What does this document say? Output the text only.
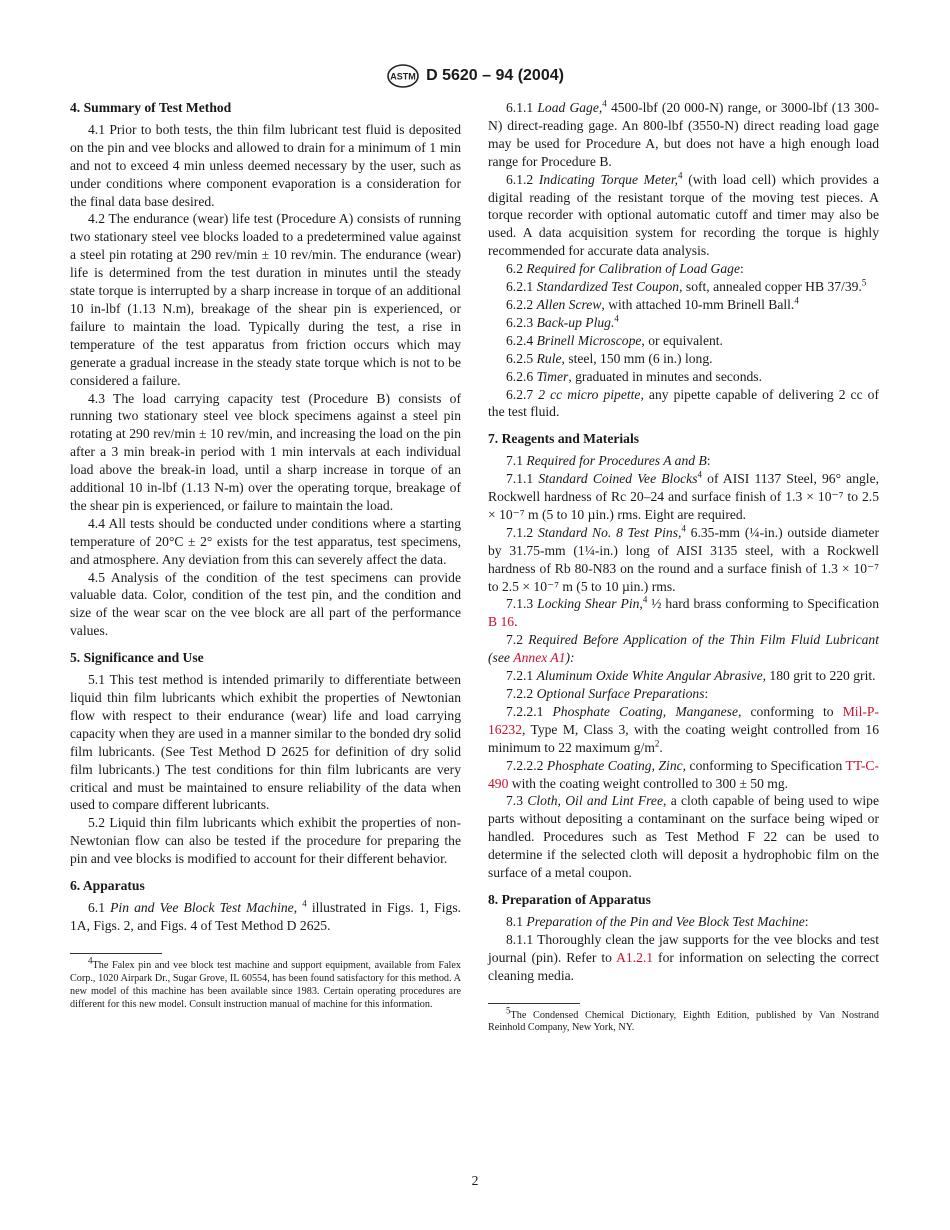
ASTM D 5620 – 94 (2004)
4. Summary of Test Method

4.1 Prior to both tests, the thin film lubricant test fluid is deposited on the pin and vee blocks and allowed to drain for a minimum of 1 min and not to exceed 4 min unless deemed necessary by the user, such as under conditions where component evaporation is a consideration for the final data base desired.

4.2 The endurance (wear) life test (Procedure A) consists of running two stationary steel vee blocks loaded to a predetermined value against a steel pin rotating at 290 rev/min ± 10 rev/min. The endurance (wear) life is determined from the test duration in minutes until the steady state torque is interrupted by a sharp increase in torque of an additional 10 in-lbf (1.13 N.m), breakage of the shear pin is experienced, or failure to maintain the load. Typically during the test, a rise in temperature of the test apparatus from friction occurs which may generate a gradual increase in the steady state torque which is not to be considered a failure.

4.3 The load carrying capacity test (Procedure B) consists of running two stationary steel vee block specimens against a steel pin rotating at 290 rev/min ± 10 rev/min, and increasing the load on the pin after a 3 min break-in period with 1 min intervals at each individual load above the break-in load, until a sharp increase in torque of an additional 10 in-lbf (1.13 N-m) over the operating torque, breakage of the shear pin is experienced, or failure to maintain the load.

4.4 All tests should be conducted under conditions where a starting temperature of 20°C ± 2° exists for the test apparatus, test specimens, and atmosphere. Any deviation from this can severely affect the data.

4.5 Analysis of the condition of the test specimens can provide valuable data. Color, condition of the test pin, and the condition and size of the wear scar on the vee block are all part of the performance values.

5. Significance and Use

5.1 This test method is intended primarily to differentiate between liquid thin film lubricants which exhibit the properties of Newtonian flow with respect to their endurance (wear) life and load carrying capacity when they are used in a manner similar to the bonded dry solid film lubricants. (See Test Method D 2625 for definition of dry solid film lubricants.) The test conditions for thin film lubricants are very critical and must be maintained to ensure reliability of the data when used to compare different lubricants.

5.2 Liquid thin film lubricants which exhibit the properties of non-Newtonian flow can also be tested if the procedure for preparing the pin and vee blocks is modified to account for their different behavior.

6. Apparatus

6.1 Pin and Vee Block Test Machine, $^4$ illustrated in Figs. 1, Figs. 1A, Figs. 2, and Figs. 4 of Test Method D 2625.

$^4$The Falex pin and vee block test machine and support equipment, available from Falex Corp., 1020 Airpark Dr., Sugar Grove, IL 60554, has been found satisfactory for this method. A new model of this machine has been available since 1983. Certain operating procedures are different for this new model. Consult instruction manual of machine for this information.

6.1.1 Load Gage,$^4$ 4500-lbf (20 000-N) range, or 3000-lbf (13 300-N) direct-reading gage. An 800-lbf (3550-N) direct reading load gage may be used for Procedure A, but does not have a high enough load range for Procedure B.

6.1.2 Indicating Torque Meter,$^4$ (with load cell) which provides a digital reading of the resistant torque of the moving test pieces. A torque recorder with optional automatic cutoff and timer may also be used. A data acquisition system for recording the torque is highly recommended for accurate data analysis.

6.2 Required for Calibration of Load Gage:

6.2.1 Standardized Test Coupon, soft, annealed copper HB 37/39.$^5$

6.2.2 Allen Screw, with attached 10-mm Brinell Ball.$^4$

6.2.3 Back-up Plug.$^4$

6.2.4 Brinell Microscope, or equivalent.

6.2.5 Rule, steel, 150 mm (6 in.) long.

6.2.6 Timer, graduated in minutes and seconds.

6.2.7 2 cc micro pipette, any pipette capable of delivering 2 cc of the test fluid.

7. Reagents and Materials

7.1 Required for Procedures A and B:

7.1.1 Standard Coined Vee Blocks$^4$ of AISI 1137 Steel, 96° angle, Rockwell hardness of Rc 20–24 and surface finish of 1.3 × 10⁻⁷ to 2.5 × 10⁻⁷ m (5 to 10 µin.) rms. Eight are required.

7.1.2 Standard No. 8 Test Pins,$^4$ 6.35-mm (¼-in.) outside diameter by 31.75-mm (1¼-in.) long of AISI 3135 steel, with a Rockwell hardness of Rb 80-N83 on the round and a surface finish of 1.3 × 10⁻⁷ to 2.5 × 10⁻⁷ m (5 to 10 µin.) rms.

7.1.3 Locking Shear Pin,$^4$ ½ hard brass conforming to Specification B 16.

7.2 Required Before Application of the Thin Film Fluid Lubricant (see Annex A1):

7.2.1 Aluminum Oxide White Angular Abrasive, 180 grit to 220 grit.

7.2.2 Optional Surface Preparations:

7.2.2.1 Phosphate Coating, Manganese, conforming to Mil-P-16232, Type M, Class 3, with the coating weight controlled from 16 minimum to 22 maximum $g/m^2$.

7.2.2.2 Phosphate Coating, Zinc, conforming to Specification TT-C-490 with the coating weight controlled to 300 ± 50 mg.

7.3 Cloth, Oil and Lint Free, a cloth capable of being used to wipe parts without depositing a contaminant on the surface being wiped or handled. Procedures such as Test Method F 22 can be used to determine if the selected cloth will deposit a hydrophobic film on the surface of a metal coupon.

8. Preparation of Apparatus

8.1 Preparation of the Pin and Vee Block Test Machine:

8.1.1 Thoroughly clean the jaw supports for the vee blocks and test journal (pin). Refer to A1.2.1 for information on selecting the correct cleaning media.

$^5$The Condensed Chemical Dictionary, Eighth Edition, published by Van Nostrand Reinhold Company, New York, NY.

2
